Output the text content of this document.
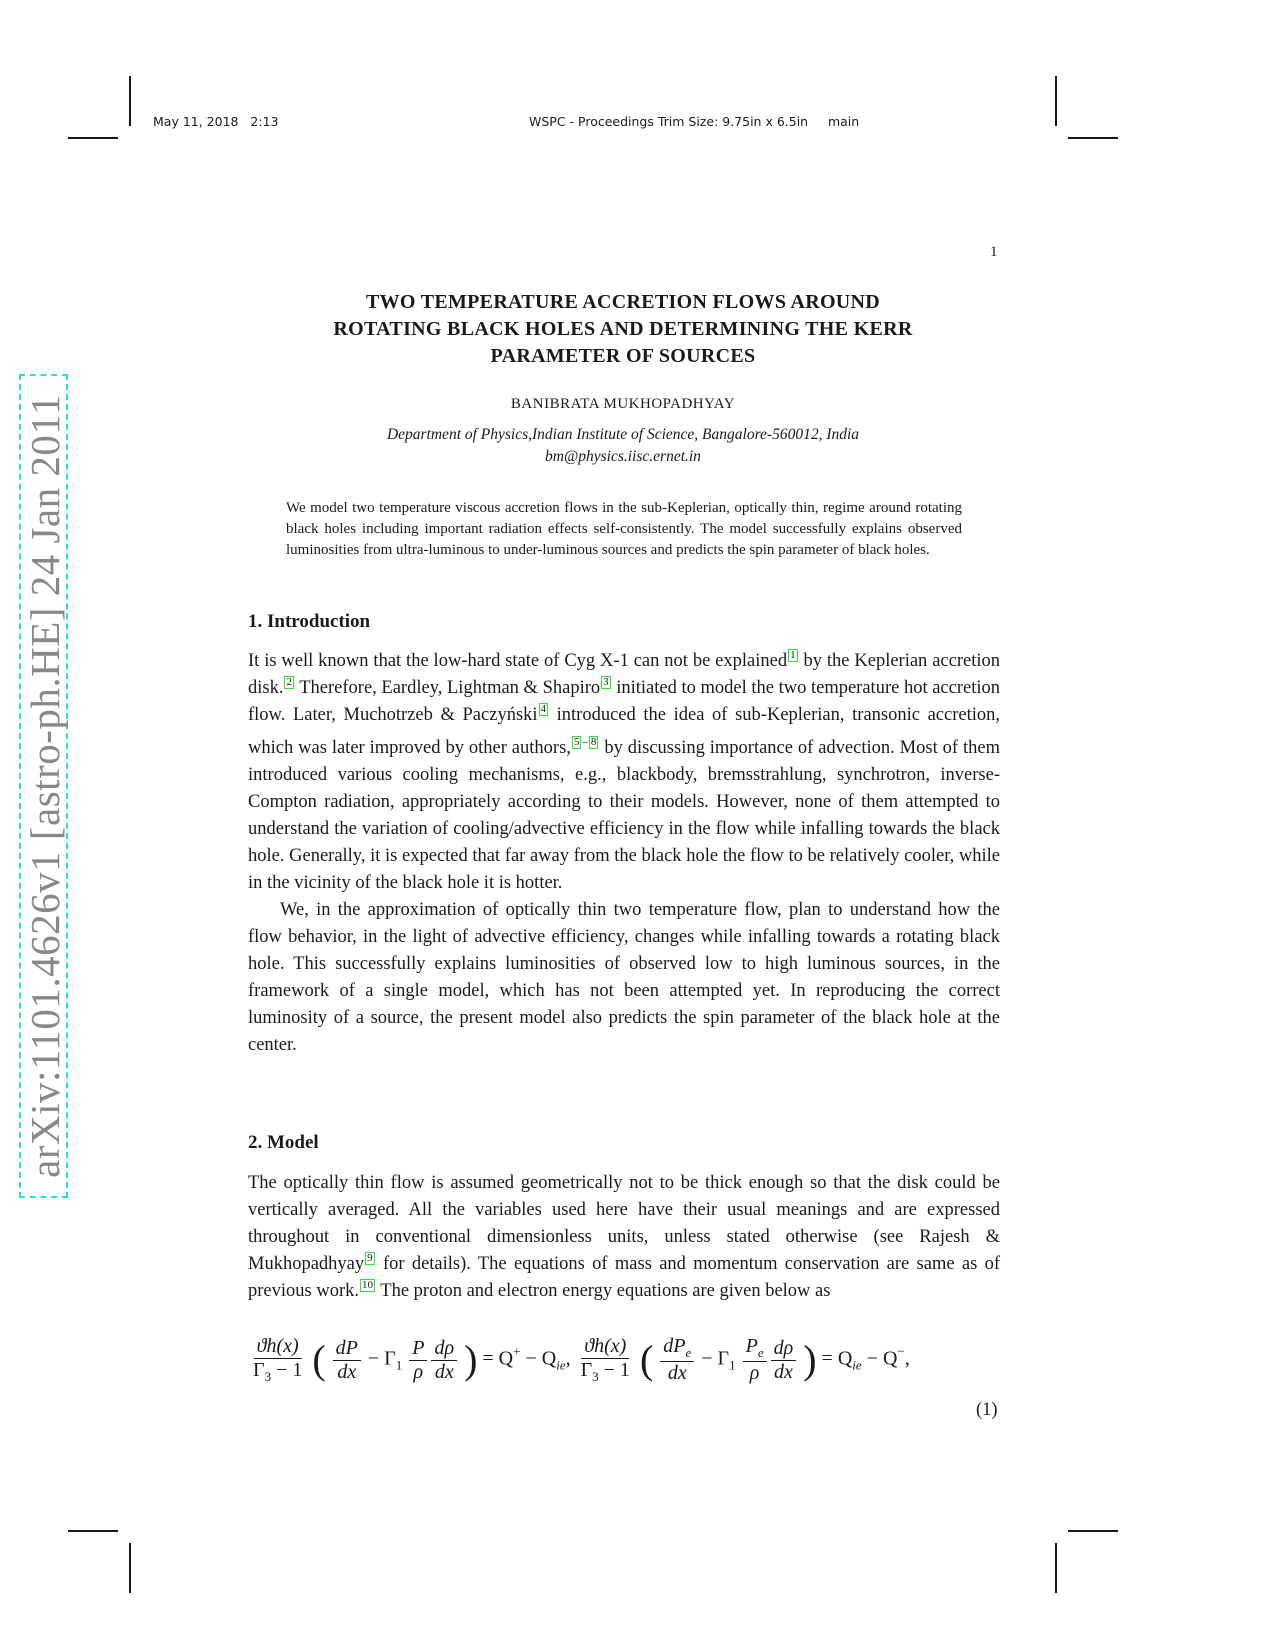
May 11, 2018   2:13	WSPC - Proceedings Trim Size: 9.75in x 6.5in     main
1
arXiv:1101.4626v1 [astro-ph.HE] 24 Jan 2011
TWO TEMPERATURE ACCRETION FLOWS AROUND
ROTATING BLACK HOLES AND DETERMINING THE KERR
PARAMETER OF SOURCES
BANIBRATA MUKHOPADHYAY
Department of Physics,Indian Institute of Science, Bangalore-560012, India
bm@physics.iisc.ernet.in
We model two temperature viscous accretion flows in the sub-Keplerian, optically thin, regime around rotating black holes including important radiation effects self-consistently. The model successfully explains observed luminosities from ultra-luminous to under-luminous sources and predicts the spin parameter of black holes.
1. Introduction

It is well known that the low-hard state of Cyg X-1 can not be explained 1 by the Keplerian accretion disk. 2 Therefore, Eardley, Lightman & Shapiro 3 initiated to model the two temperature hot accretion flow. Later, Muchotrzeb & Paczyński 4 introduced the idea of sub-Keplerian, transonic accretion, which was later improved by other authors, 5 – 8 by discussing importance of advection. Most of them introduced various cooling mechanisms, e.g., blackbody, bremsstrahlung, synchrotron, inverse-Compton radiation, appropriately according to their models. However, none of them attempted to understand the variation of cooling/advective efficiency in the flow while infalling towards the black hole. Generally, it is expected that far away from the black hole the flow to be relatively cooler, while in the vicinity of the black hole it is hotter.

We, in the approximation of optically thin two temperature flow, plan to understand how the flow behavior, in the light of advective efficiency, changes while infalling towards a rotating black hole. This successfully explains luminosities of observed low to high luminous sources, in the framework of a single model, which has not been attempted yet. In reproducing the correct luminosity of a source, the present model also predicts the spin parameter of the black hole at the center.

2. Model

The optically thin flow is assumed geometrically not to be thick enough so that the disk could be vertically averaged. All the variables used here have their usual meanings and are expressed throughout in conventional dimensionless units, unless stated otherwise (see Rajesh & Mukhopadhyay 9 for details). The equations of mass and momentum conservation are same as of previous work. 10 The proton and electron energy equations are given below as

$\frac{ϑh(x)}{\Gamma_3 - 1}$ ( $\frac{dP}{dx} - \Gamma_1 \frac{P}{\rho} \frac{d\rho}{dx}$ ) = $Q^+ - Q_{ie}$, $\frac{ϑh(x)}{\Gamma_3 - 1}$ ( $\frac{dP_e}{dx} - \Gamma_1 \frac{P_e}{\rho} \frac{d\rho}{dx}$ ) = $Q_{ie} - Q^-$,
(1)
